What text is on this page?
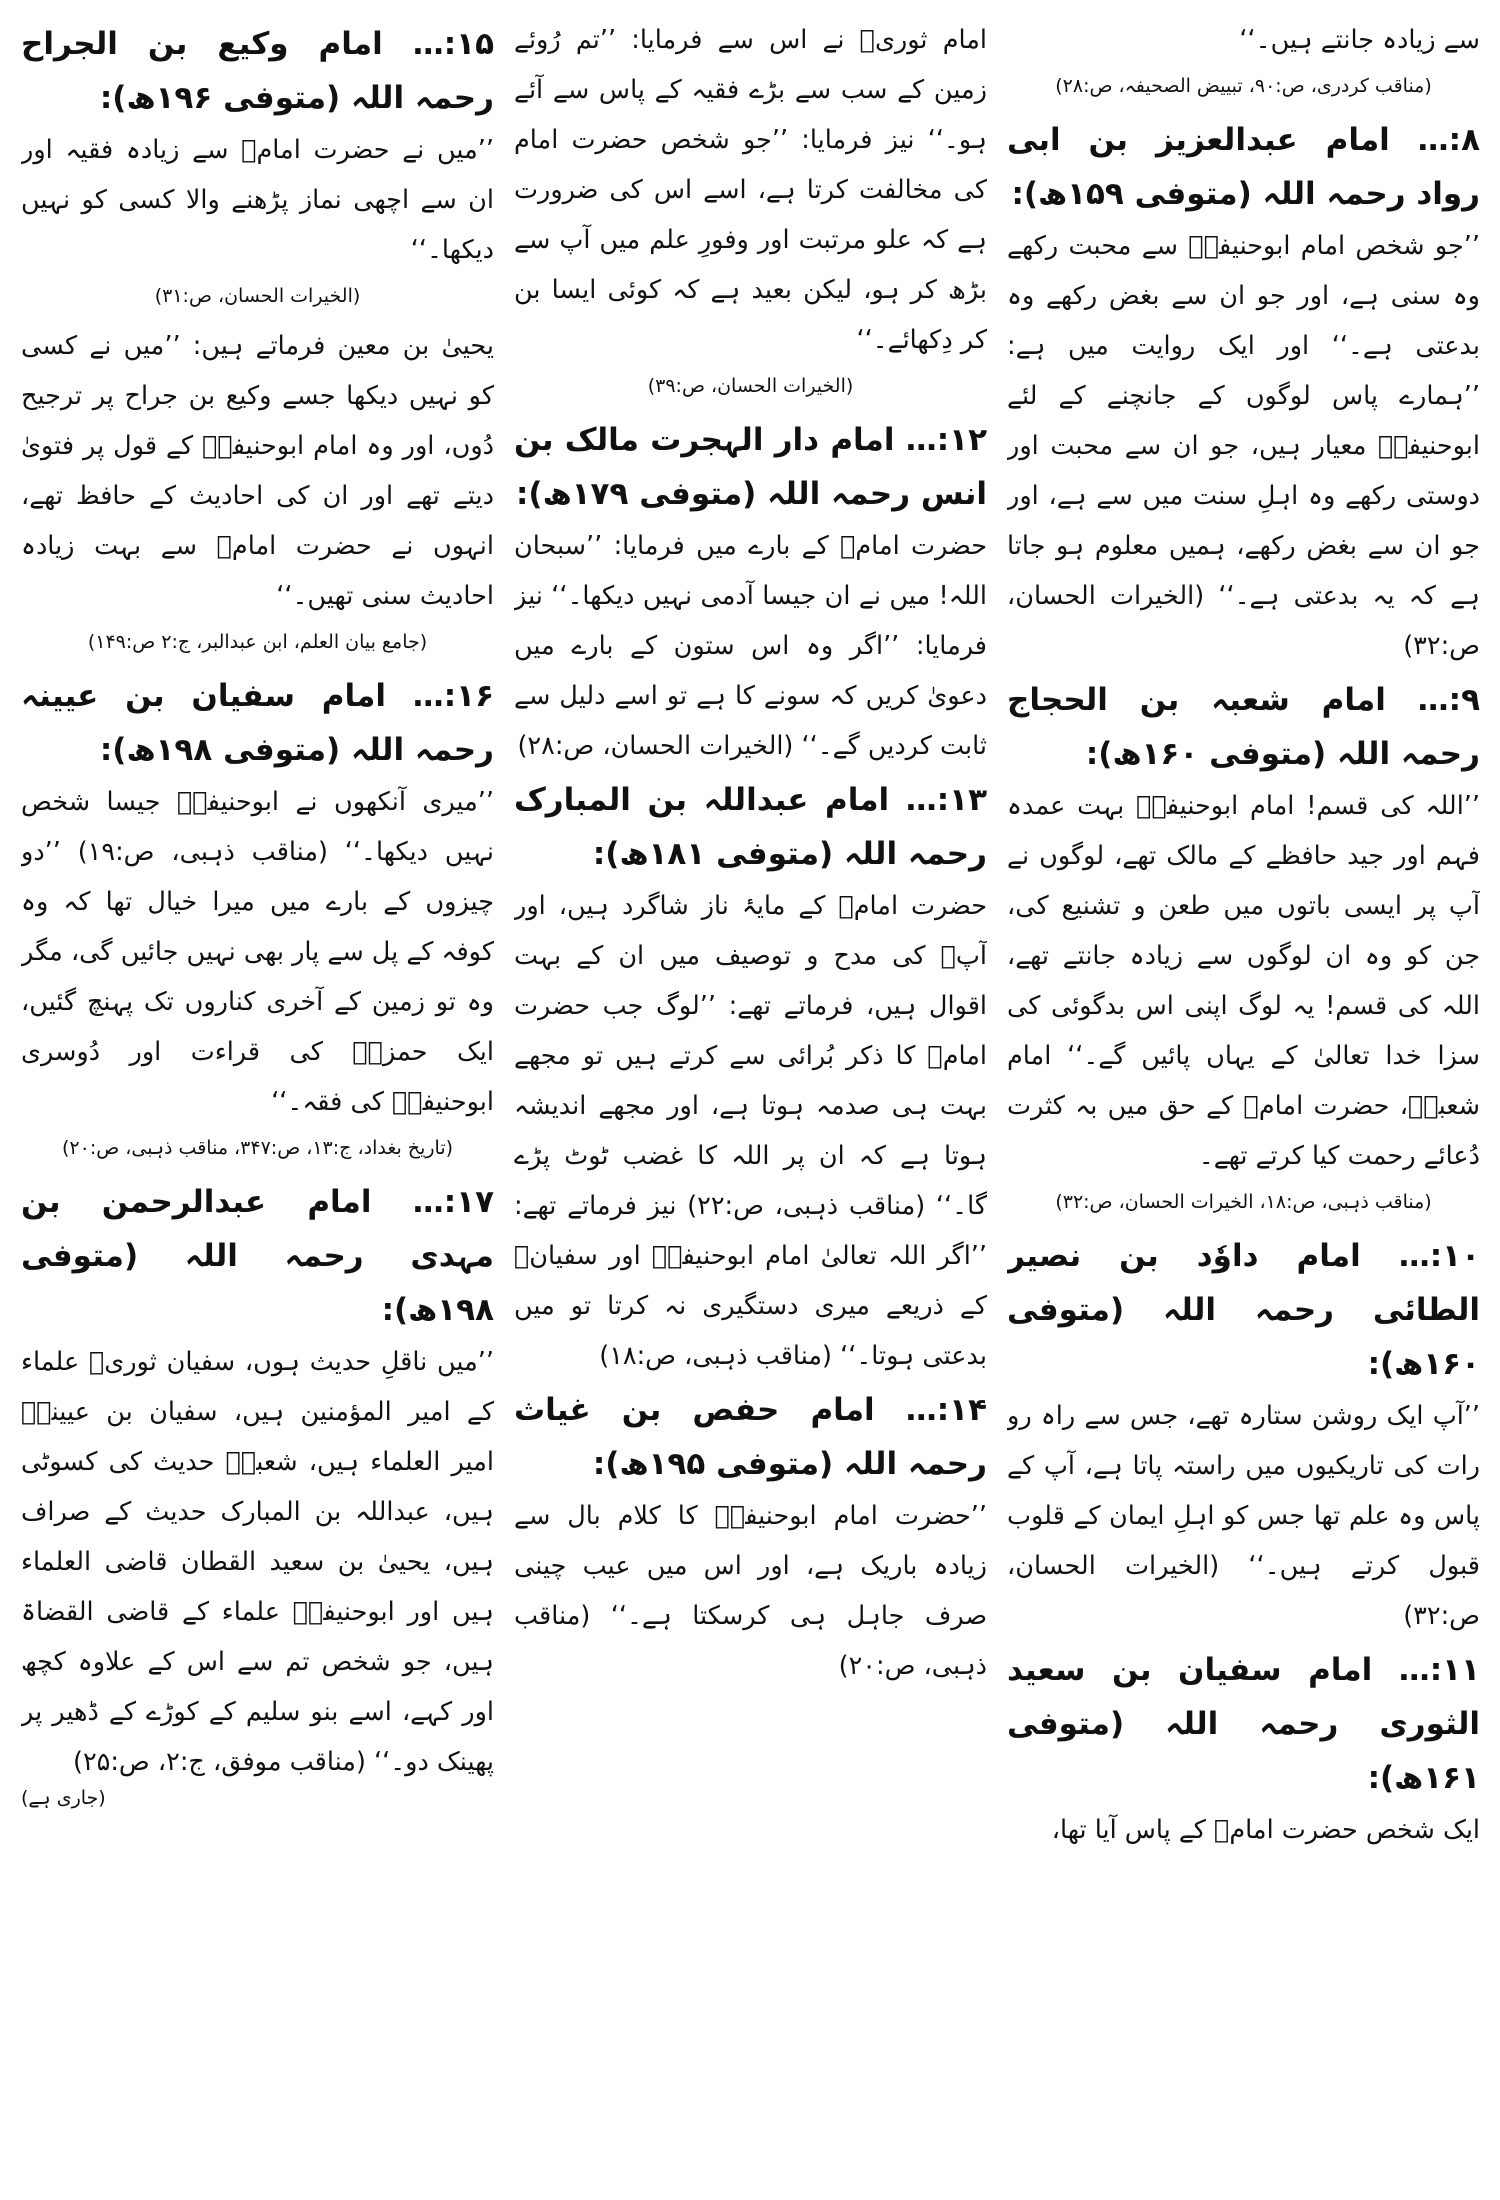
سے زیادہ جانتے ہیں۔‘‘
(مناقب کردری، ص:۹۰، تبییض الصحیفہ، ص:۲۸)
۸:… امام عبدالعزیز بن ابی رواد رحمہ اللہ (متوفی ۱۵۹ھ):
’’جو شخص امام ابوحنیفہؒ سے محبت رکھے وہ سنی ہے، اور جو ان سے بغض رکھے وہ بدعتی ہے۔‘‘ اور ایک روایت میں ہے: ’’ہمارے پاس لوگوں کے جانچنے کے لئے ابوحنیفہؒ معیار ہیں، جو ان سے محبت اور دوستی رکھے وہ اہلِ سنت میں سے ہے، اور جو ان سے بغض رکھے، ہمیں معلوم ہو جاتا ہے کہ یہ بدعتی ہے۔‘‘ (الخیرات الحسان، ص:۳۲)
۹:… امام شعبہ بن الحجاج رحمہ اللہ (متوفی ۱۶۰ھ):
’’اللہ کی قسم! امام ابوحنیفہؒ بہت عمدہ فہم اور جید حافظے کے مالک تھے، لوگوں نے آپ پر ایسی باتوں میں طعن و تشنیع کی، جن کو وہ ان لوگوں سے زیادہ جانتے تھے، اللہ کی قسم! یہ لوگ اپنی اس بدگوئی کی سزا خدا تعالیٰ کے یہاں پائیں گے۔‘‘ امام شعبہؒ، حضرت امامؒ کے حق میں بہ کثرت دُعائے رحمت کیا کرتے تھے۔
(مناقب ذہبی، ص:۱۸، الخیرات الحسان، ص:۳۲)
۱۰:… امام داوٗد بن نصیر الطائی رحمہ اللہ (متوفی ۱۶۰ھ):
’’آپ ایک روشن ستارہ تھے، جس سے راہ رو رات کی تاریکیوں میں راستہ پاتا ہے، آپ کے پاس وہ علم تھا جس کو اہلِ ایمان کے قلوب قبول کرتے ہیں۔‘‘ (الخیرات الحسان، ص:۳۲)
۱۱:… امام سفیان بن سعید الثوری رحمہ اللہ (متوفی ۱۶۱ھ):
ایک شخص حضرت امامؒ کے پاس آیا تھا،
امام ثوریؒ نے اس سے فرمایا: ’’تم رُوئے زمین کے سب سے بڑے فقیہ کے پاس سے آئے ہو۔‘‘ نیز فرمایا: ’’جو شخص حضرت امام کی مخالفت کرتا ہے، اسے اس کی ضرورت ہے کہ علو مرتبت اور وفورِ علم میں آپ سے بڑھ کر ہو، لیکن بعید ہے کہ کوئی ایسا بن کر دِکھائے۔‘‘
(الخیرات الحسان، ص:۳۹)
۱۲:… امام دار الہجرت مالک بن انس رحمہ اللہ (متوفی ۱۷۹ھ):
حضرت امامؒ کے بارے میں فرمایا: ’’سبحان اللہ! میں نے ان جیسا آدمی نہیں دیکھا۔‘‘ نیز فرمایا: ’’اگر وہ اس ستون کے بارے میں دعویٰ کریں کہ سونے کا ہے تو اسے دلیل سے ثابت کردیں گے۔‘‘ (الخیرات الحسان، ص:۲۸)
۱۳:… امام عبداللہ بن المبارک رحمہ اللہ (متوفی ۱۸۱ھ):
حضرت امامؒ کے مایۂ ناز شاگرد ہیں، اور آپؒ کی مدح و توصیف میں ان کے بہت اقوال ہیں، فرماتے تھے: ’’لوگ جب حضرت امامؒ کا ذکر بُرائی سے کرتے ہیں تو مجھے بہت ہی صدمہ ہوتا ہے، اور مجھے اندیشہ ہوتا ہے کہ ان پر اللہ کا غضب ٹوٹ پڑے گا۔‘‘ (مناقب ذہبی، ص:۲۲) نیز فرماتے تھے: ’’اگر اللہ تعالیٰ امام ابوحنیفہؒ اور سفیانؒ کے ذریعے میری دستگیری نہ کرتا تو میں بدعتی ہوتا۔‘‘ (مناقب ذہبی، ص:۱۸)
۱۴:… امام حفص بن غیاث رحمہ اللہ (متوفی ۱۹۵ھ):
’’حضرت امام ابوحنیفہؒ کا کلام بال سے زیادہ باریک ہے، اور اس میں عیب چینی صرف جاہل ہی کرسکتا ہے۔‘‘ (مناقب ذہبی، ص:۲۰)
۱۵:… امام وکیع بن الجراح رحمہ اللہ (متوفی ۱۹۶ھ):
’’میں نے حضرت امامؒ سے زیادہ فقیہ اور ان سے اچھی نماز پڑھنے والا کسی کو نہیں دیکھا۔‘‘
(الخیرات الحسان، ص:۳۱)
یحییٰ بن معین فرماتے ہیں: ’’میں نے کسی کو نہیں دیکھا جسے وکیع بن جراح پر ترجیح دُوں، اور وہ امام ابوحنیفہؒ کے قول پر فتویٰ دیتے تھے اور ان کی احادیث کے حافظ تھے، انہوں نے حضرت امامؒ سے بہت زیادہ احادیث سنی تھیں۔‘‘
(جامع بیان العلم، ابن عبدالبر، ج:۲ ص:۱۴۹)
۱۶:… امام سفیان بن عیینہ رحمہ اللہ (متوفی ۱۹۸ھ):
’’میری آنکھوں نے ابوحنیفہؒ جیسا شخص نہیں دیکھا۔‘‘ (مناقب ذہبی، ص:۱۹) ’’دو چیزوں کے بارے میں میرا خیال تھا کہ وہ کوفہ کے پل سے پار بھی نہیں جائیں گی، مگر وہ تو زمین کے آخری کناروں تک پہنچ گئیں، ایک حمزہؒ کی قراءت اور دُوسری ابوحنیفہؒ کی فقہ۔‘‘
(تاریخ بغداد، ج:۱۳، ص:۳۴۷، مناقب ذہبی، ص:۲۰)
۱۷:… امام عبدالرحمن بن مہدی رحمہ اللہ (متوفی ۱۹۸ھ):
’’میں ناقلِ حدیث ہوں، سفیان ثوریؒ علماء کے امیر المؤمنین ہیں، سفیان بن عیینہؒ امیر العلماء ہیں، شعبہؒ حدیث کی کسوٹی ہیں، عبداللہ بن المبارک حدیث کے صراف ہیں، یحییٰ بن سعید القطان قاضی العلماء ہیں اور ابوحنیفہؒ علماء کے قاضی القضاۃ ہیں، جو شخص تم سے اس کے علاوہ کچھ اور کہے، اسے بنو سلیم کے کوڑے کے ڈھیر پر پھینک دو۔‘‘ (مناقب موفق، ج:۲، ص:۲۵)
(جاری ہے)
